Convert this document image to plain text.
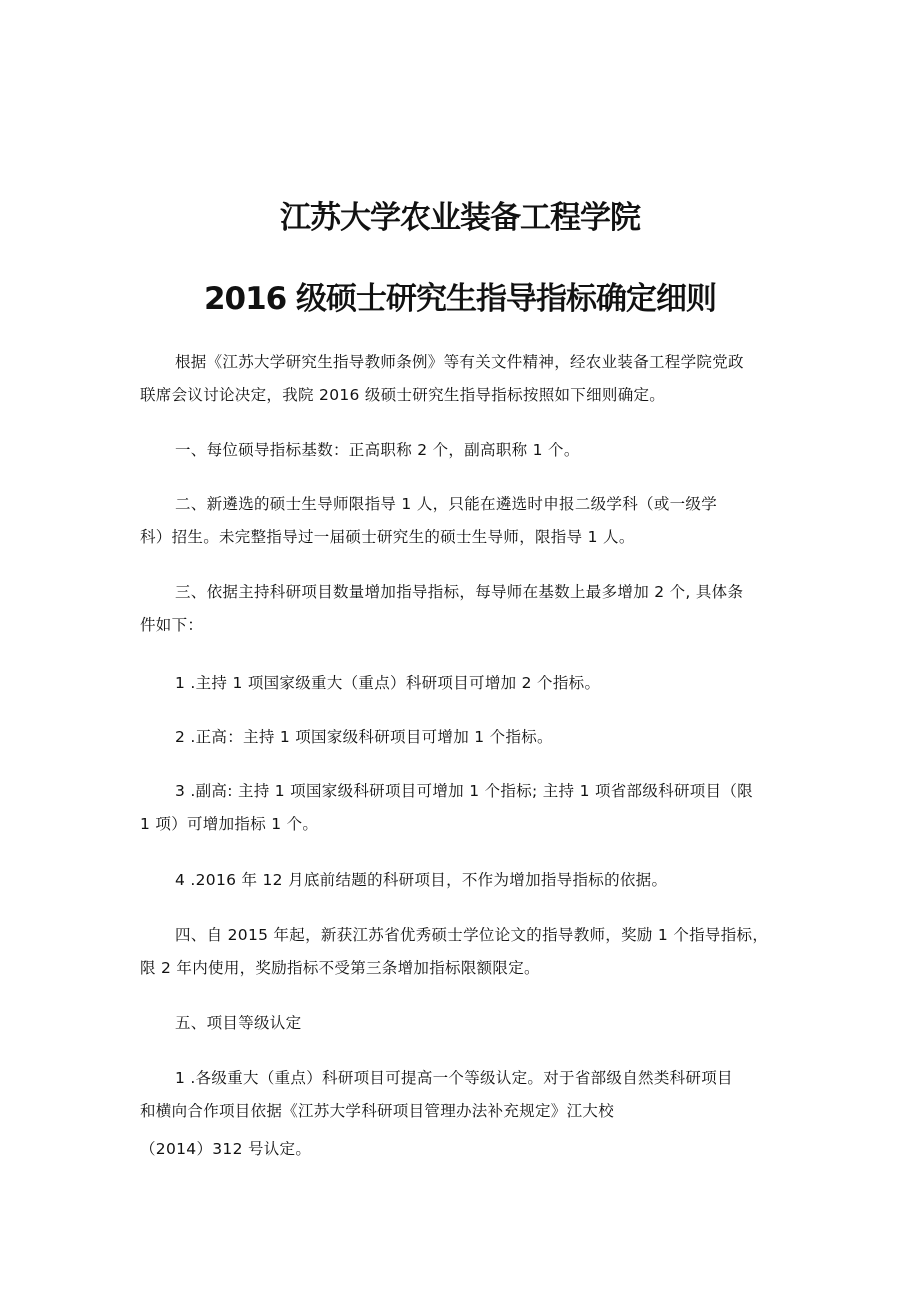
江苏大学农业装备工程学院
2016 级硕士研究生指导指标确定细则

根据《江苏大学研究生指导教师条例》等有关文件精神，经农业装备工程学院党政

联席会议讨论决定，我院 2016 级硕士研究生指导指标按照如下细则确定。

一、每位硕导指标基数：正高职称 2 个，副高职称 1 个。

二、新遴选的硕士生导师限指导 1 人，只能在遴选时申报二级学科（或一级学

科）招生。未完整指导过一届硕士研究生的硕士生导师，限指导 1 人。

三、依据主持科研项目数量增加指导指标，每导师在基数上最多增加 2 个, 具体条

件如下：

1 .主持 1 项国家级重大（重点）科研项目可增加 2 个指标。

2 .正高：主持 1 项国家级科研项目可增加 1 个指标。

3 .副高: 主持 1 项国家级科研项目可增加 1 个指标; 主持 1 项省部级科研项目（限

1 项）可增加指标 1 个。

4 .2016 年 12 月底前结题的科研项目，不作为增加指导指标的依据。

四、自 2015 年起，新获江苏省优秀硕士学位论文的指导教师，奖励 1 个指导指标，

限 2 年内使用，奖励指标不受第三条增加指标限额限定。

五、项目等级认定

1 .各级重大（重点）科研项目可提高一个等级认定。对于省部级自然类科研项目

和横向合作项目依据《江苏大学科研项目管理办法补充规定》江大校

（2014）312 号认定。
